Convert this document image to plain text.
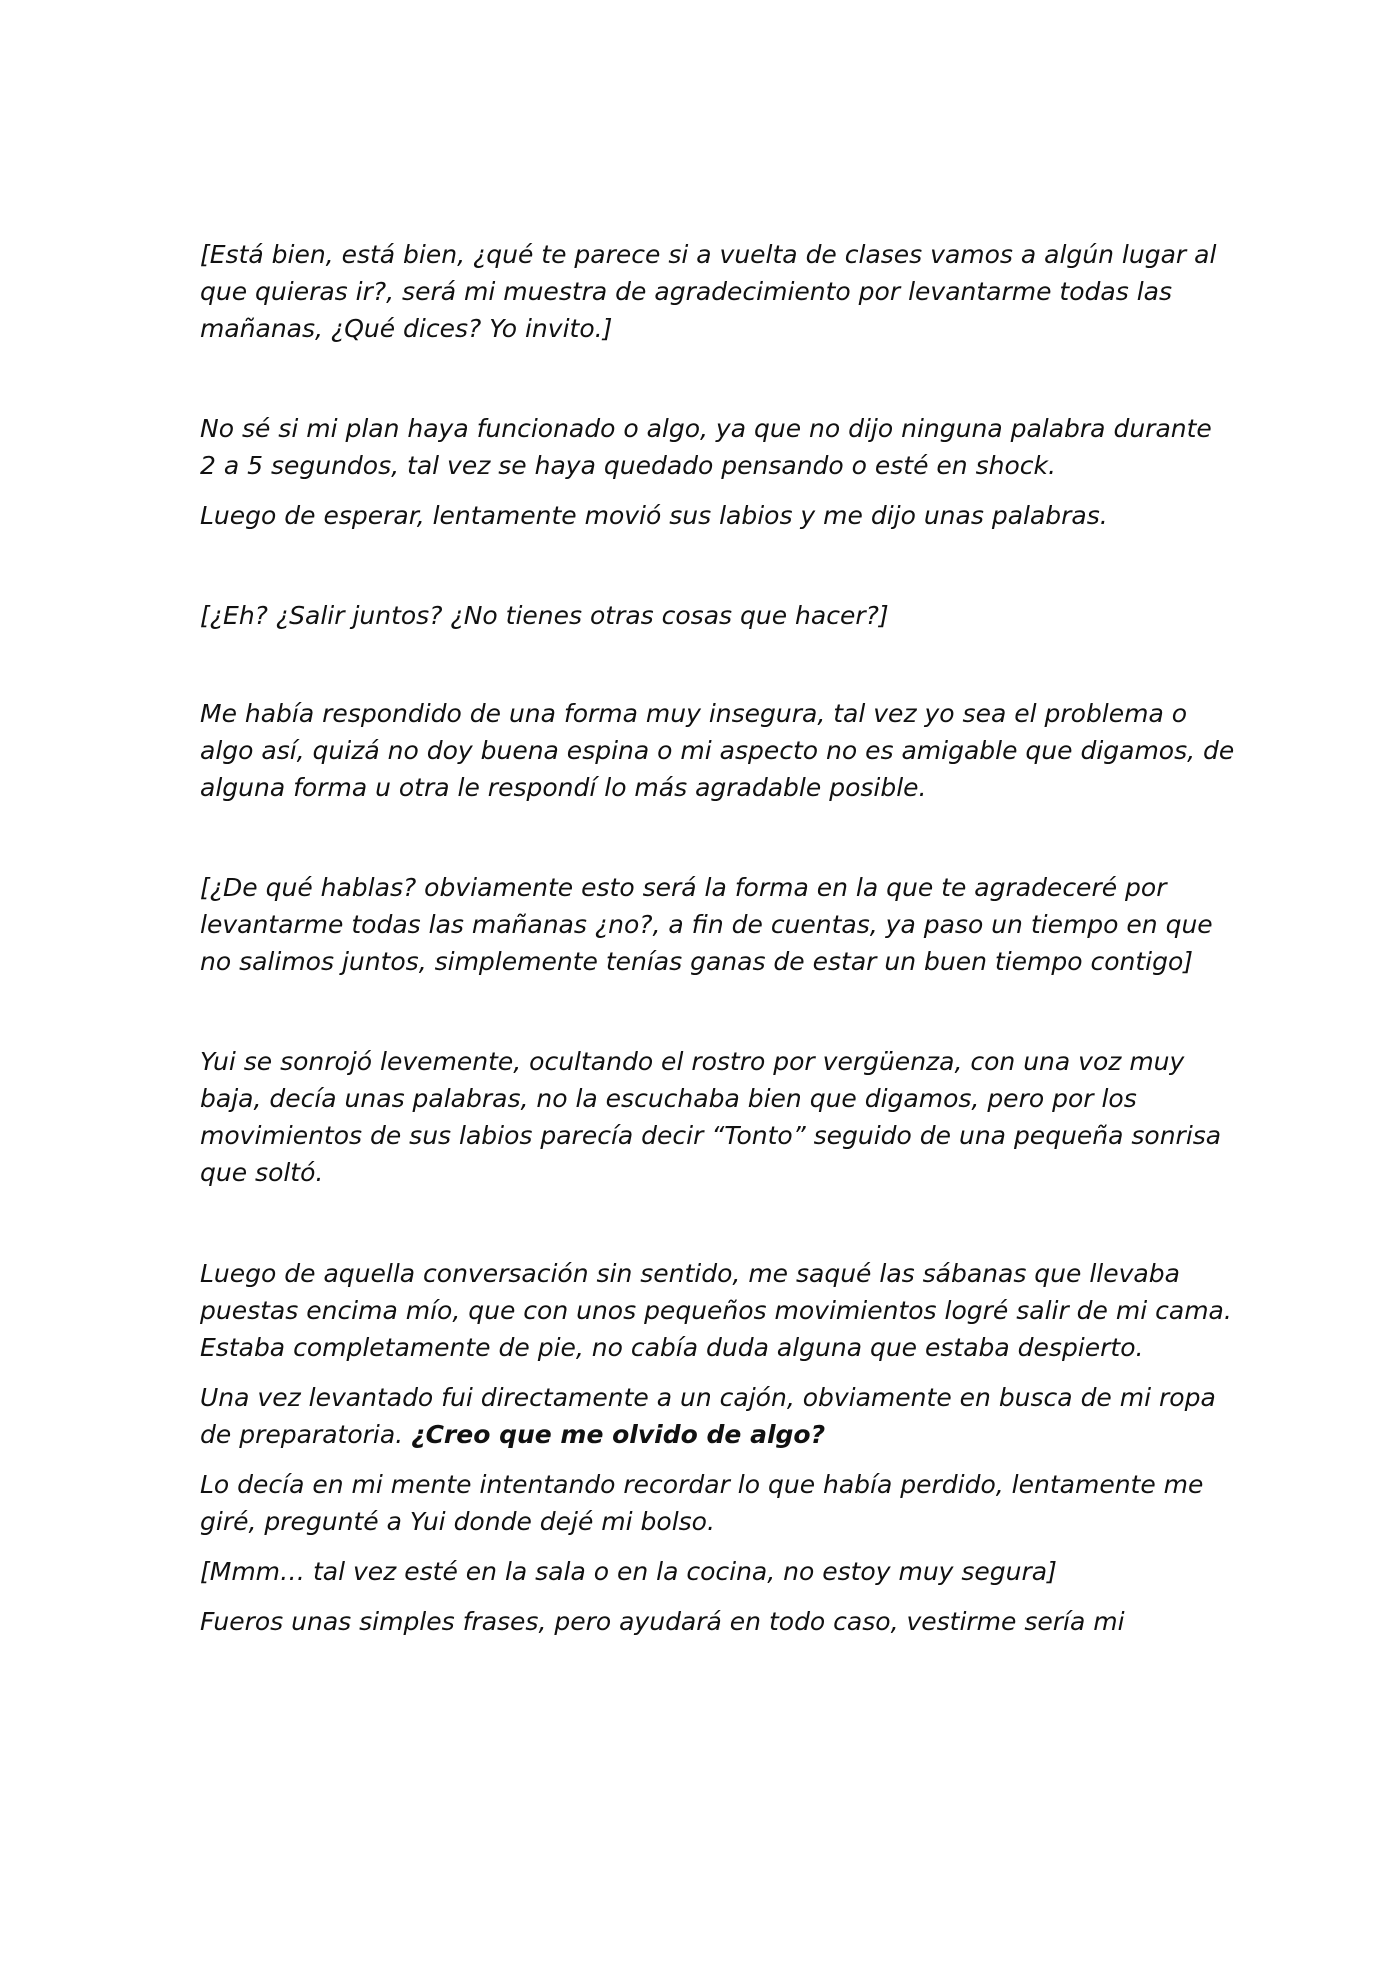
[Está bien, está bien, ¿qué te parece si a vuelta de clases vamos a algún lugar al
que quieras ir?, será mi muestra de agradecimiento por levantarme todas las
mañanas, ¿Qué dices? Yo invito.]
No sé si mi plan haya funcionado o algo, ya que no dijo ninguna palabra durante
2 a 5 segundos, tal vez se haya quedado pensando o esté en shock.
Luego de esperar, lentamente movió sus labios y me dijo unas palabras.
[¿Eh? ¿Salir juntos? ¿No tienes otras cosas que hacer?]
Me había respondido de una forma muy insegura, tal vez yo sea el problema o
algo así, quizá no doy buena espina o mi aspecto no es amigable que digamos, de
alguna forma u otra le respondí lo más agradable posible.
[¿De qué hablas? obviamente esto será la forma en la que te agradeceré por
levantarme todas las mañanas ¿no?, a fin de cuentas, ya paso un tiempo en que
no salimos juntos, simplemente tenías ganas de estar un buen tiempo contigo]
Yui se sonrojó levemente, ocultando el rostro por vergüenza, con una voz muy
baja, decía unas palabras, no la escuchaba bien que digamos, pero por los
movimientos de sus labios parecía decir “Tonto” seguido de una pequeña sonrisa
que soltó.
Luego de aquella conversación sin sentido, me saqué las sábanas que llevaba
puestas encima mío, que con unos pequeños movimientos logré salir de mi cama.
Estaba completamente de pie, no cabía duda alguna que estaba despierto.
Una vez levantado fui directamente a un cajón, obviamente en busca de mi ropa
de preparatoria. ¿Creo que me olvido de algo?
Lo decía en mi mente intentando recordar lo que había perdido, lentamente me
giré, pregunté a Yui donde dejé mi bolso.
[Mmm… tal vez esté en la sala o en la cocina, no estoy muy segura]
Fueros unas simples frases, pero ayudará en todo caso, vestirme sería mi
